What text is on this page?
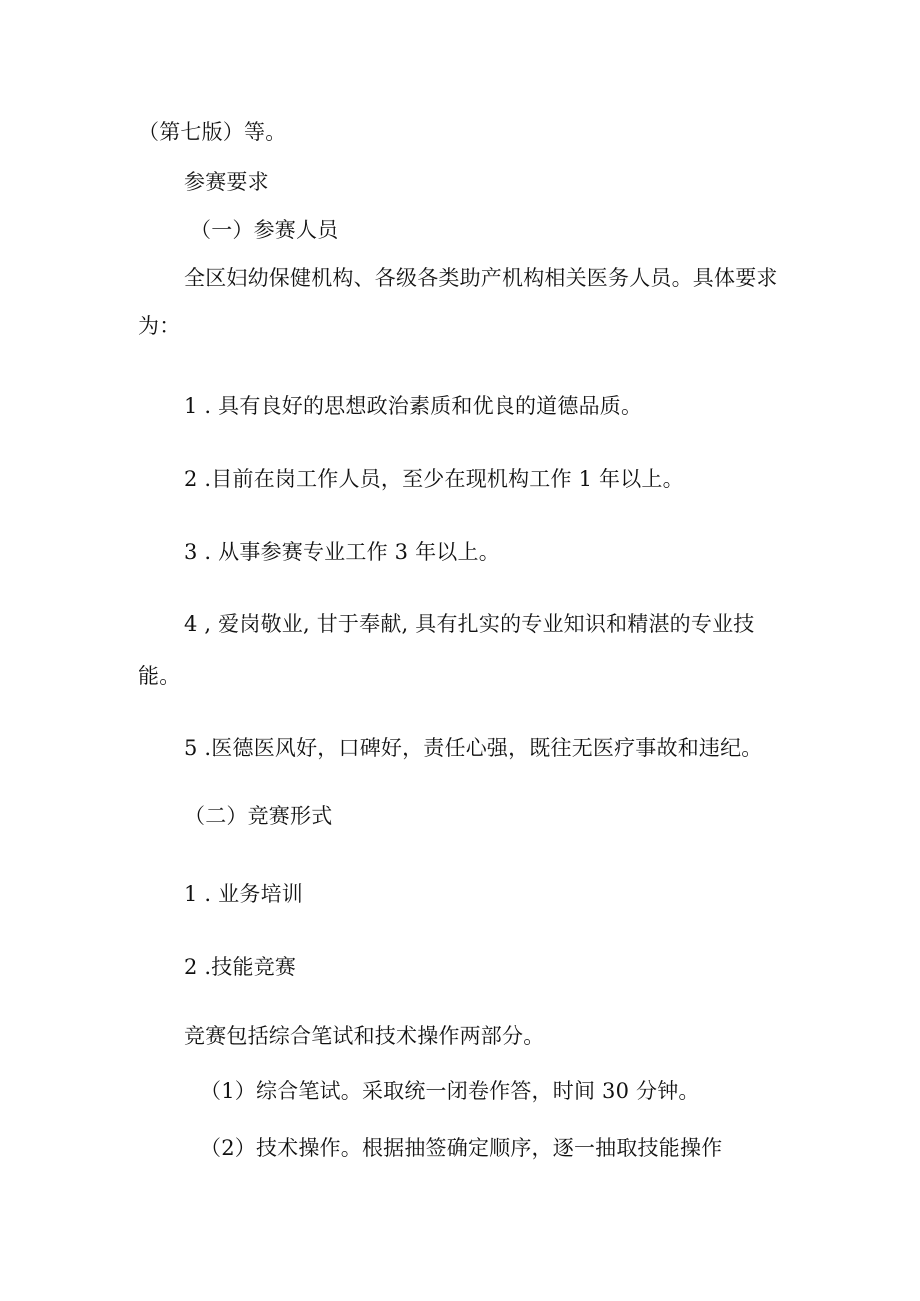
（第七版）等。
参赛要求
（一）参赛人员
全区妇幼保健机构、各级各类助产机构相关医务人员。具体要求
为：
1 . 具有良好的思想政治素质和优良的道德品质。
2 .目前在岗工作人员，至少在现机构工作 1 年以上。
3 . 从事参赛专业工作 3 年以上。
4 , 爱岗敬业, 甘于奉献, 具有扎实的专业知识和精湛的专业技
能。
5 .医德医风好，口碑好，责任心强，既往无医疗事故和违纪。
（二）竞赛形式
1 . 业务培训
2 .技能竞赛
竞赛包括综合笔试和技术操作两部分。
（1）综合笔试。采取统一闭卷作答，时间 30 分钟。
（2）技术操作。根据抽签确定顺序，逐一抽取技能操作
